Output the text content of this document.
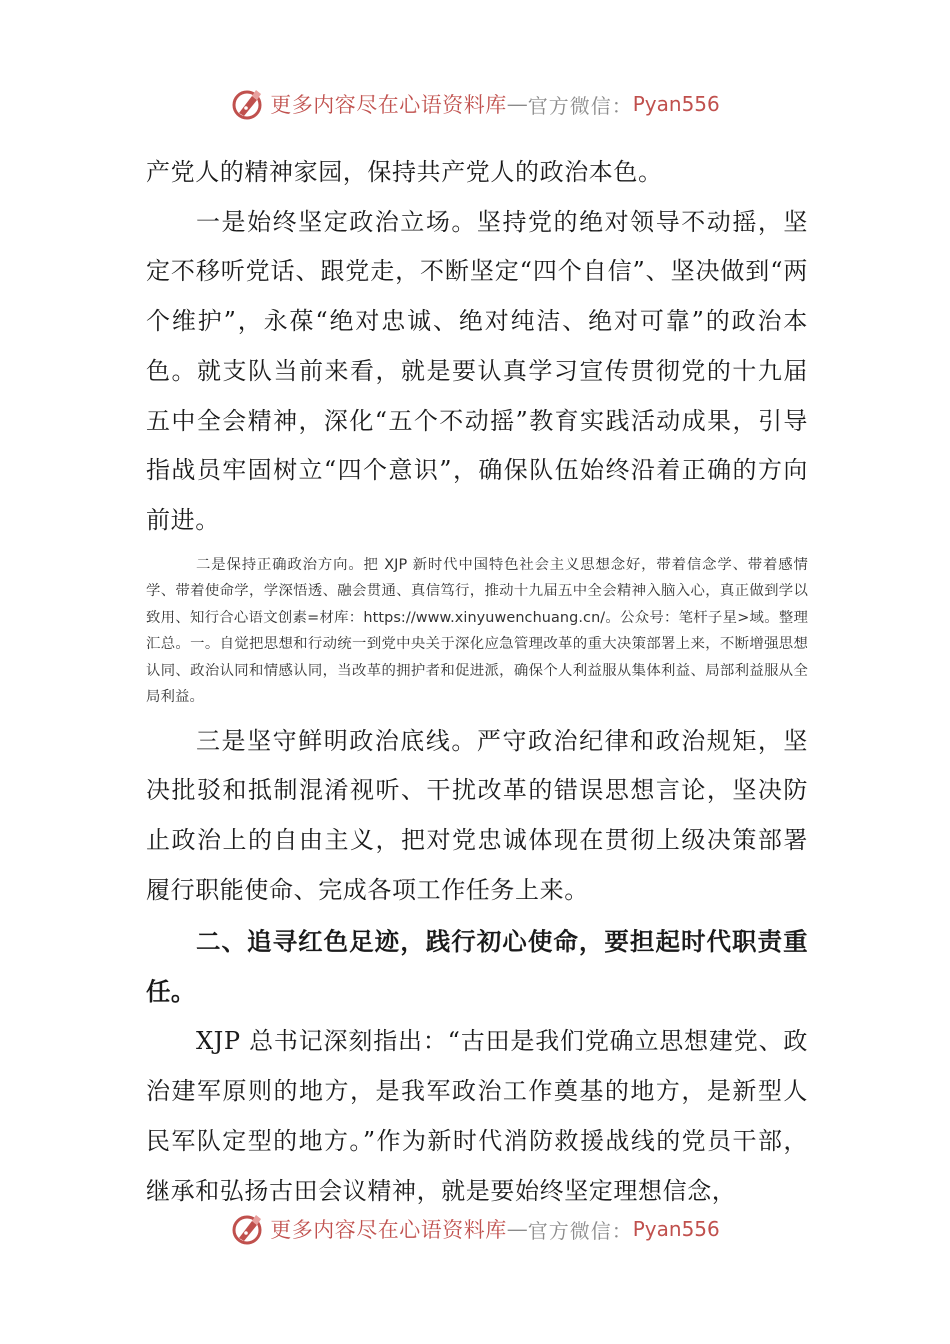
更多内容尽在心语资料库 — 官方微信： Pyan556

产党人的精神家园，保持共产党人的政治本色。

一是始终坚定政治立场。坚持党的绝对领导不动摇，坚定不移听党话、跟党走，不断坚定“四个自信”、坚决做到“两个维护”，永葆“绝对忠诚、绝对纯洁、绝对可靠”的政治本色。就支队当前来看，就是要认真学习宣传贯彻党的十九届五中全会精神，深化“五个不动摇”教育实践活动成果，引导指战员牢固树立“四个意识”，确保队伍始终沿着正确的方向前进。

二是保持正确政治方向。把 XJP 新时代中国特色社会主义思想念好，带着信念学、带着感情学、带着使命学，学深悟透、融会贯通、真信笃行，推动十九届五中全会精神入脑入心，真正做到学以致用、知行合心语文创素=材库：https://www.xinyuwenchuang.cn/。公众号：笔杆子星>域。整理汇总。一。自觉把思想和行动统一到党中央关于深化应急管理改革的重大决策部署上来，不断增强思想认同、政治认同和情感认同，当改革的拥护者和促进派，确保个人利益服从集体利益、局部利益服从全局利益。

三是坚守鲜明政治底线。严守政治纪律和政治规矩，坚决批驳和抵制混淆视听、干扰改革的错误思想言论，坚决防止政治上的自由主义，把对党忠诚体现在贯彻上级决策部署履行职能使命、完成各项工作任务上来。

二、追寻红色足迹，践行初心使命，要担起时代职责重任。

XJP 总书记深刻指出：“古田是我们党确立思想建党、政治建军原则的地方，是我军政治工作奠基的地方，是新型人民军队定型的地方。”作为新时代消防救援战线的党员干部，继承和弘扬古田会议精神，就是要始终坚定理想信念，

更多内容尽在心语资料库 — 官方微信： Pyan556
